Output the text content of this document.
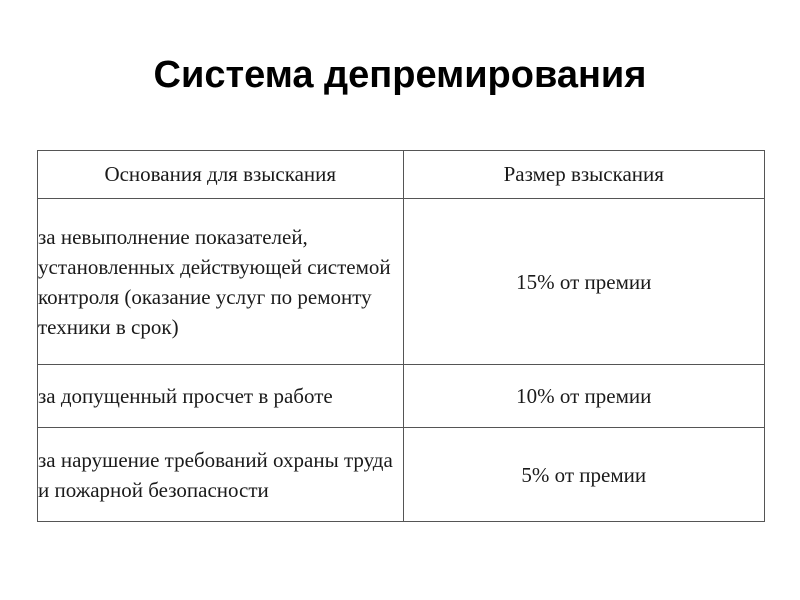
Система депремирования
Основания для взыскания	Размер взыскания
за невыполнение показателей, установленных действующей системой контроля (оказание услуг по ремонту техники в срок)	15% от премии
за допущенный просчет в работе	10% от премии
за нарушение требований охраны труда и пожарной безопасности	5% от премии
